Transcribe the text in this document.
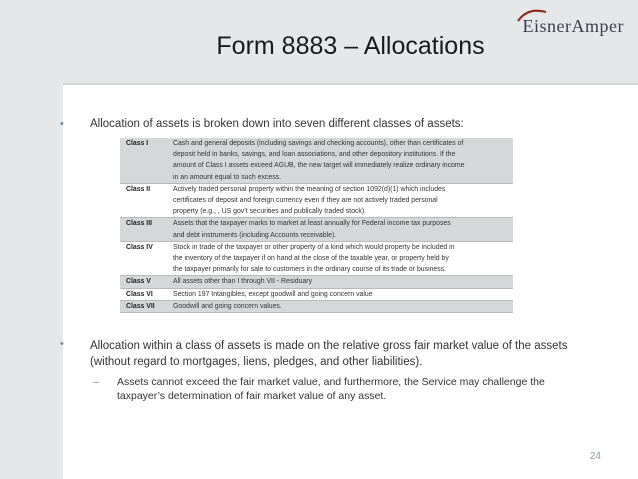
EisnerAmper
Form 8883 – Allocations
• Allocation of assets is broken down into seven different classes of assets:
Class I	Cash and general deposits (including savings and checking accounts), other than certificates of
deposit held in banks, savings, and loan associations, and other depository institutions. If the
amount of Class I assets exceed AGUB, the new target will immediately realize ordinary income
in an amount equal to such excess.

Class II	Actively traded personal property within the meaning of section 1092(d)(1) which includes
certificates of deposit and foreign currency even if they are not actively traded personal
property (e.g., , US gov’t securities and publically traded stock).

Class III	Assets that the taxpayer marks to market at least annually for Federal income tax purposes
and debt instruments (including Accounts receivable).

Class IV	Stock in trade of the taxpayer or other property of a kind which would property be included in
the inventory of the taxpayer if on hand at the close of the taxable year, or property held by
the taxpayer primarily for sale to customers in the ordinary course of its trade or business.

Class V	All assets other than I through VII - Residuary

Class VI	Section 197 Intangibles, except goodwill and going concern value

Class VII	Goodwill and going concern values.
• Allocation within a class of assets is made on the relative gross fair market value of the assets (without regard to mortgages, liens, pledges, and other liabilities).
– Assets cannot exceed the fair market value, and furthermore, the Service may challenge the taxpayer’s determination of fair market value of any asset.
24
